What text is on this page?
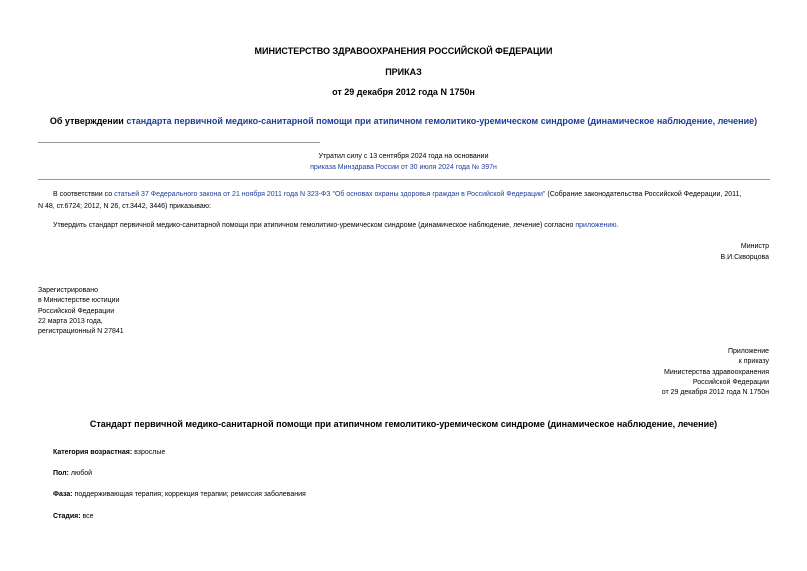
МИНИСТЕРСТВО ЗДРАВООХРАНЕНИЯ РОССИЙСКОЙ ФЕДЕРАЦИИ
ПРИКАЗ
от 29 декабря 2012 года N 1750н
Об утверждении стандарта первичной медико-санитарной помощи при атипичном гемолитико-уремическом синдроме (динамическое наблюдение, лечение)
Утратил силу с 13 сентября 2024 года на основании
приказа Минздрава России от 30 июля 2024 года № 397н
В соответствии со статьей 37 Федерального закона от 21 ноября 2011 года N 323-ФЗ "Об основах охраны здоровья граждан в Российской Федерации" (Собрание законодательства Российской Федерации, 2011,
N 48, ст.6724; 2012, N 26, ст.3442, 3446) приказываю:
Утвердить стандарт первичной медико-санитарной помощи при атипичном гемолитико-уремическом синдроме (динамическое наблюдение, лечение) согласно приложению.
Министр
В.И.Скворцова
Зарегистрировано
в Министерстве юстиции
Российской Федерации
22 марта 2013 года,
регистрационный N 27841
Приложение
к приказу
Министерства здравоохранения
Российской Федерации
от 29 декабря 2012 года N 1750н
Стандарт первичной медико-санитарной помощи при атипичном гемолитико-уремическом синдроме (динамическое наблюдение, лечение)
Категория возрастная: взрослые
Пол: любой
Фаза: поддерживающая терапия; коррекция терапии; ремиссия заболевания
Стадия: все
